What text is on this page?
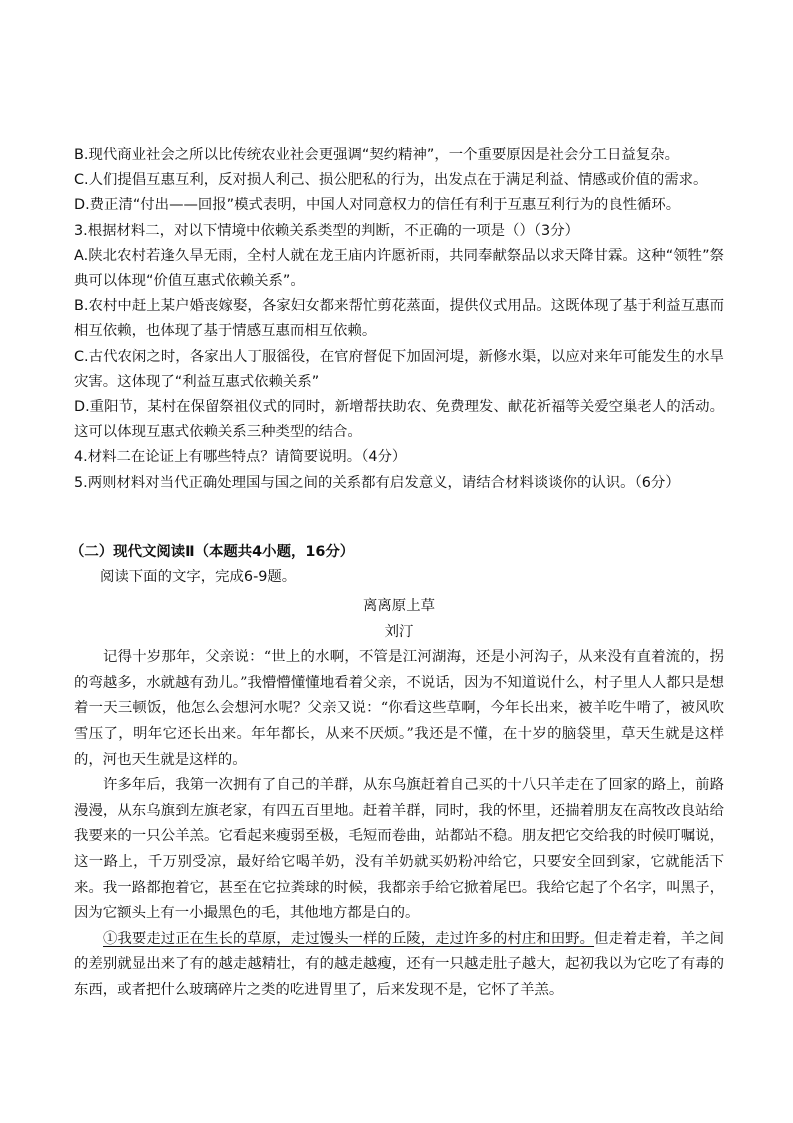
B.现代商业社会之所以比传统农业社会更强调“契约精神”，一个重要原因是社会分工日益复杂。

C.人们提倡互惠互利，反对损人利己、损公肥私的行为，出发点在于满足利益、情感或价值的需求。

D.费正清“付出——回报”模式表明，中国人对同意权力的信任有利于互惠互利行为的良性循环。

3.根据材料二，对以下情境中依赖关系类型的判断，不正确的一项是（）（3分）

A.陕北农村若逢久旱无雨，全村人就在龙王庙内许愿祈雨，共同奉献祭品以求天降甘霖。这种“领牲”祭典可以体现“价值互惠式依赖关系”。

B.农村中赶上某户婚丧嫁娶，各家妇女都来帮忙剪花蒸面，提供仪式用品。这既体现了基于利益互惠而相互依赖，也体现了基于情感互惠而相互依赖。

C.古代农闲之时，各家出人丁服徭役，在官府督促下加固河堤，新修水渠，以应对来年可能发生的水旱灾害。这体现了“利益互惠式依赖关系”

D.重阳节，某村在保留祭祖仪式的同时，新增帮扶助农、免费理发、献花祈福等关爱空巢老人的活动。这可以体现互惠式依赖关系三种类型的结合。

4.材料二在论证上有哪些特点？请简要说明。（4分）

5.两则材料对当代正确处理国与国之间的关系都有启发意义，请结合材料谈谈你的认识。（6分）

（二）现代文阅读Ⅱ（本题共4小题，16分）

阅读下面的文字，完成6-9题。

离离原上草

刘汀

记得十岁那年，父亲说：“世上的水啊，不管是江河湖海，还是小河沟子，从来没有直着流的，拐的弯越多，水就越有劲儿。”我懵懵懂懂地看着父亲，不说话，因为不知道说什么，村子里人人都只是想着一天三顿饭，他怎么会想河水呢？父亲又说：“你看这些草啊，今年长出来，被羊吃牛啃了，被风吹雪压了，明年它还长出来。年年都长，从来不厌烦。”我还是不懂，在十岁的脑袋里，草天生就是这样的，河也天生就是这样的。

许多年后，我第一次拥有了自己的羊群，从东乌旗赶着自己买的十八只羊走在了回家的路上，前路漫漫，从东乌旗到左旗老家，有四五百里地。赶着羊群，同时，我的怀里，还揣着朋友在高牧改良站给我要来的一只公羊羔。它看起来瘦弱至极，毛短而卷曲，站都站不稳。朋友把它交给我的时候叮嘱说，这一路上，千万别受凉，最好给它喝羊奶，没有羊奶就买奶粉冲给它，只要安全回到家，它就能活下来。我一路都抱着它，甚至在它拉粪球的时候，我都亲手给它掀着尾巴。我给它起了个名字，叫黑子，因为它额头上有一小撮黑色的毛，其他地方都是白的。

①我要走过正在生长的草原，走过馒头一样的丘陵，走过许多的村庄和田野。但走着走着，羊之间的差别就显出来了有的越走越精壮，有的越走越瘦，还有一只越走肚子越大，起初我以为它吃了有毒的东西，或者把什么玻璃碎片之类的吃进胃里了，后来发现不是，它怀了羊羔。
